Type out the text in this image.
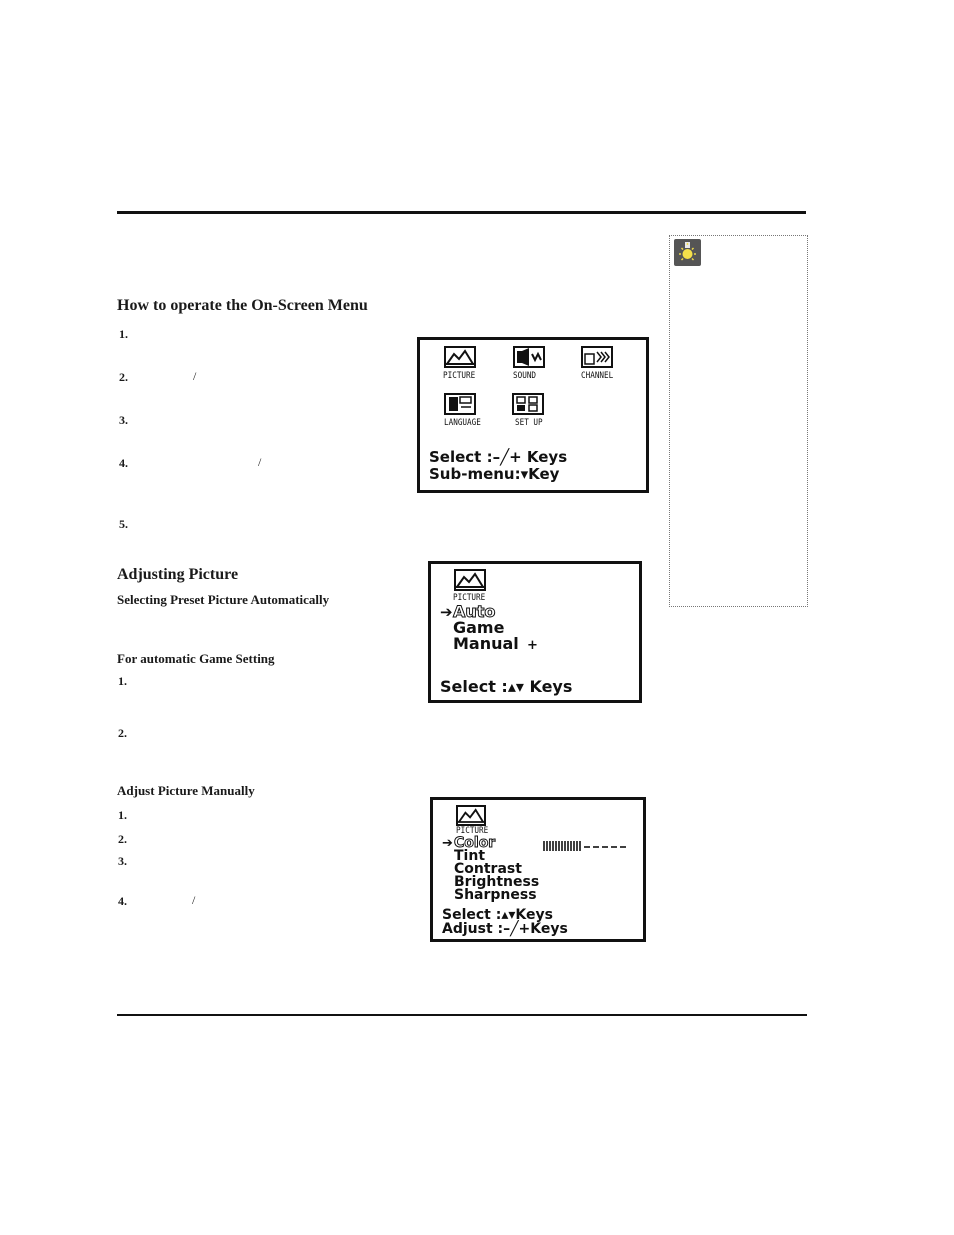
How to operate the On-Screen Menu
1.
2.	/
3.
4.	/
5.
PICTURE	SOUND	CHANNEL
LANGUAGE	SET UP
Select :–╱+ Keys
Sub-menu:▾Key
Adjusting Picture
Selecting Preset Picture Automatically
For automatic Game Setting
1.
2.
Adjust Picture Manually
1.
2.
3.
4.	/
PICTURE
➔ Auto
Game
Manual +
Select :▴▾ Keys
PICTURE
➔ Color
Tint
Contrast
Brightness
Sharpness
Select :▴▾Keys
Adjust :–╱+Keys
